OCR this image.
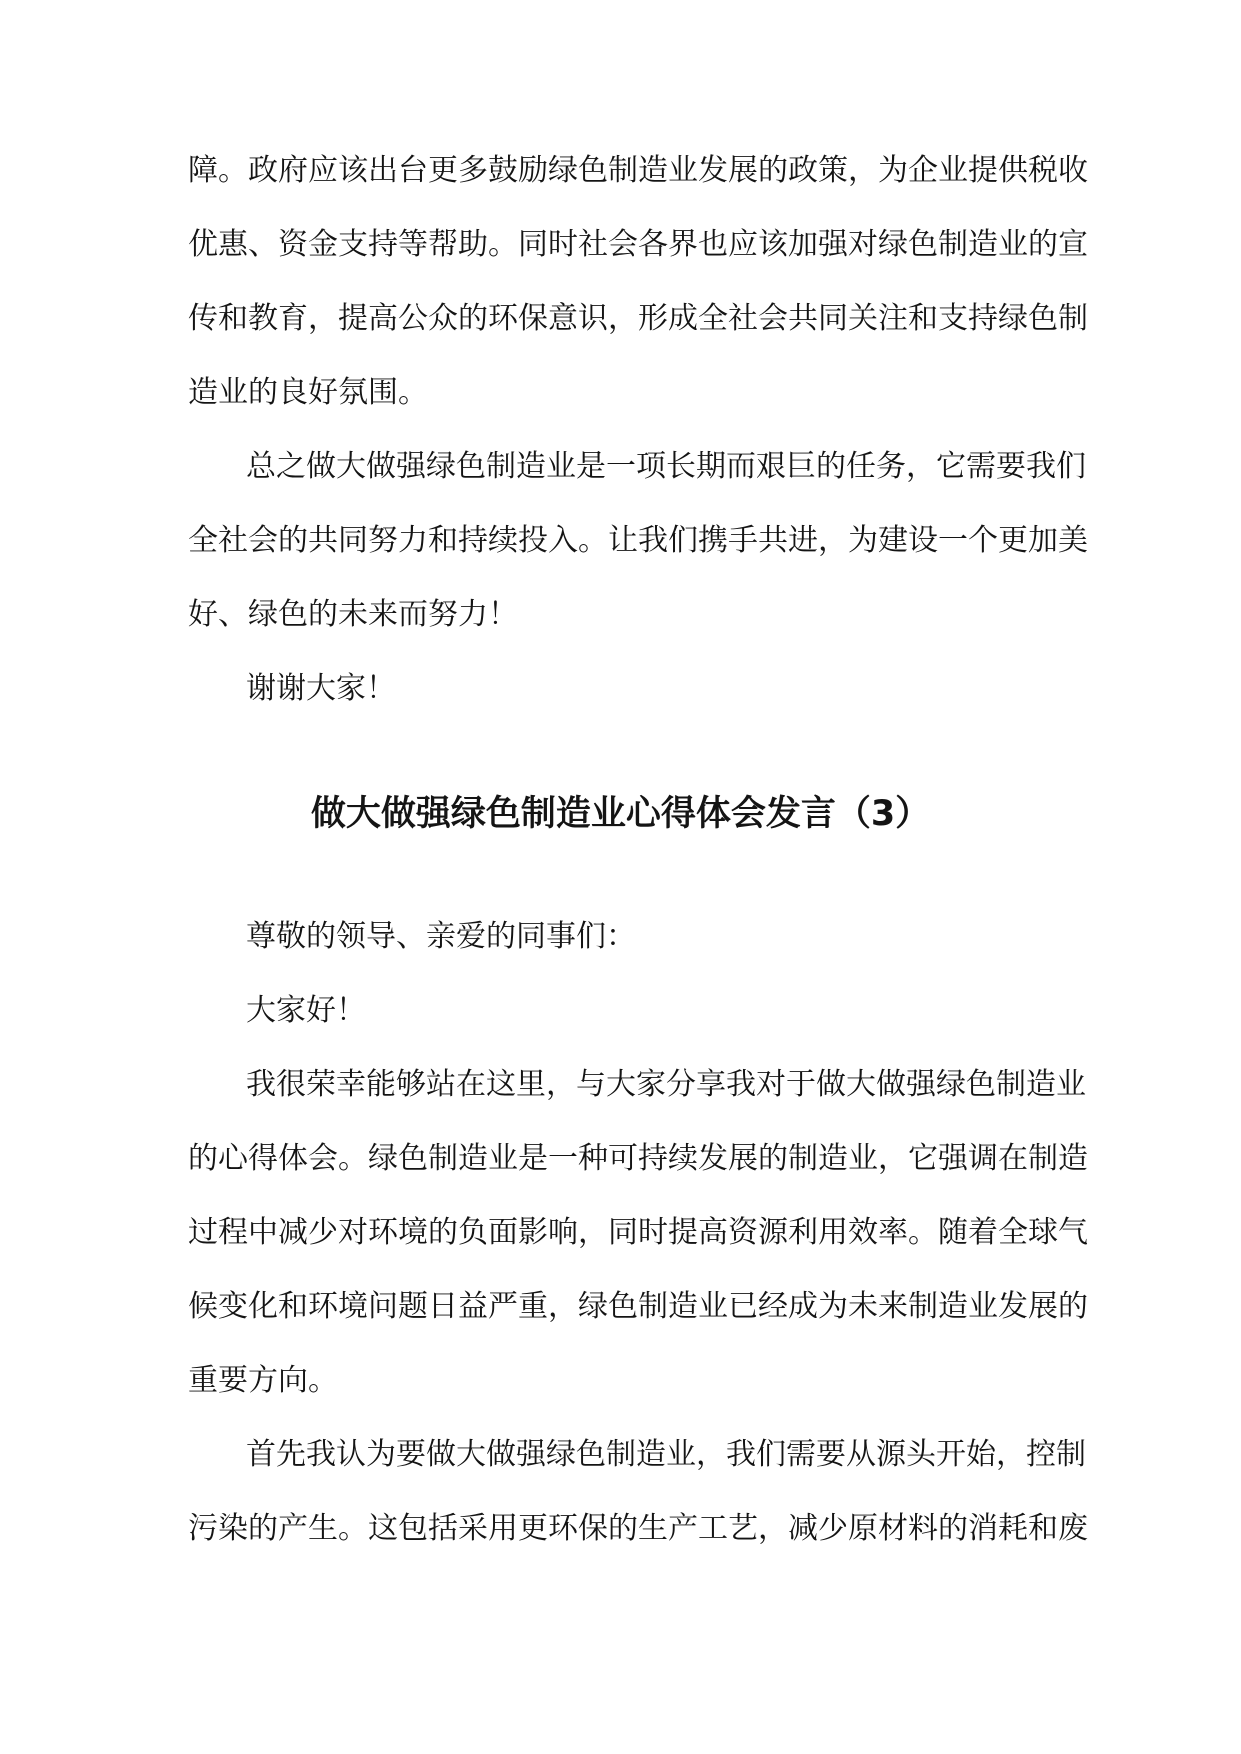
障。政府应该出台更多鼓励绿色制造业发展的政策，为企业提供税收
优惠、资金支持等帮助。同时社会各界也应该加强对绿色制造业的宣
传和教育，提高公众的环保意识，形成全社会共同关注和支持绿色制
造业的良好氛围。
总之做大做强绿色制造业是一项长期而艰巨的任务，它需要我们
全社会的共同努力和持续投入。让我们携手共进，为建设一个更加美
好、绿色的未来而努力！
谢谢大家！
做大做强绿色制造业心得体会发言（3）
尊敬的领导、亲爱的同事们：
大家好！
我很荣幸能够站在这里，与大家分享我对于做大做强绿色制造业
的心得体会。绿色制造业是一种可持续发展的制造业，它强调在制造
过程中减少对环境的负面影响，同时提高资源利用效率。随着全球气
候变化和环境问题日益严重，绿色制造业已经成为未来制造业发展的
重要方向。
首先我认为要做大做强绿色制造业，我们需要从源头开始，控制
污染的产生。这包括采用更环保的生产工艺，减少原材料的消耗和废
